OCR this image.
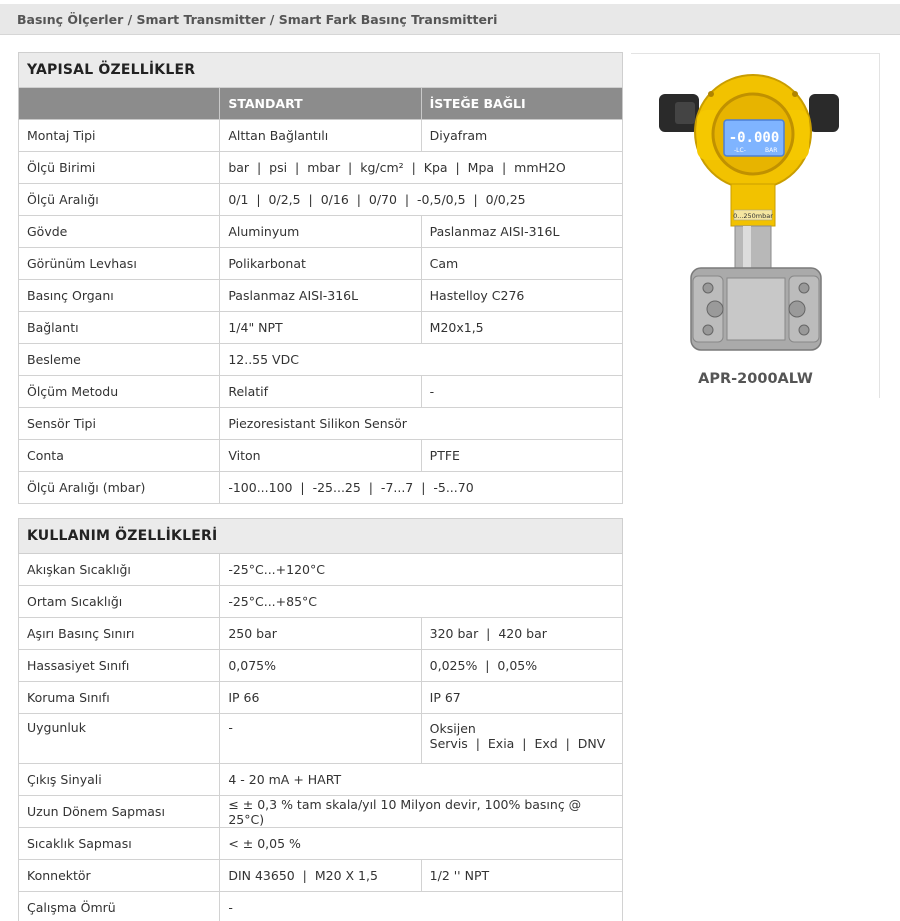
Basınç Ölçerler / Smart Transmitter / Smart Fark Basınç Transmitteri
YAPISAL ÖZELLİKLER		
	STANDART	İSTEĞE BAĞLI
Montaj Tipi	Alttan Bağlantılı	Diyafram
Ölçü Birimi	bar  |  psi  |  mbar  |  kg/cm²  |  Kpa  |  Mpa  |  mmH2O	
Ölçü Aralığı	0/1  |  0/2,5  |  0/16  |  0/70  |  -0,5/0,5  |  0/0,25	
Gövde	Aluminyum	Paslanmaz AISI-316L
Görünüm Levhası	Polikarbonat	Cam
Basınç Organı	Paslanmaz AISI-316L	Hastelloy C276
Bağlantı	1/4" NPT	M20x1,5
Besleme	12..55 VDC	
Ölçüm Metodu	Relatif	-
Sensör Tipi	Piezoresistant Silikon Sensör	
Conta	Viton	PTFE
Ölçü Aralığı (mbar)	-100...100  |  -25...25  |  -7...7  |  -5...70	
KULLANIM ÖZELLİKLERİ		
Akışkan Sıcaklığı	-25°C...+120°C	
Ortam Sıcaklığı	-25°C...+85°C	
Aşırı Basınç Sınırı	250 bar	320 bar  |  420 bar
Hassasiyet Sınıfı	0,075%	0,025%  |  0,05%
Koruma Sınıfı	IP 66	IP 67
Uygunluk	-	Oksijen
Servis  |  Exia  |  Exd  |  DNV

Çıkış Sinyali	4 - 20 mA + HART	
Uzun Dönem Sapması	≤ ± 0,3 % tam skala/yıl 10 Milyon devir, 100% basınç @ 25°C)	
Sıcaklık Sapması	< ± 0,05 %	
Konnektör	DIN 43650  |  M20 X 1,5	1/2 '' NPT
Çalışma Ömrü	-	
-0.000
-LC-	BAR
0...250mbar
APR-2000ALW
